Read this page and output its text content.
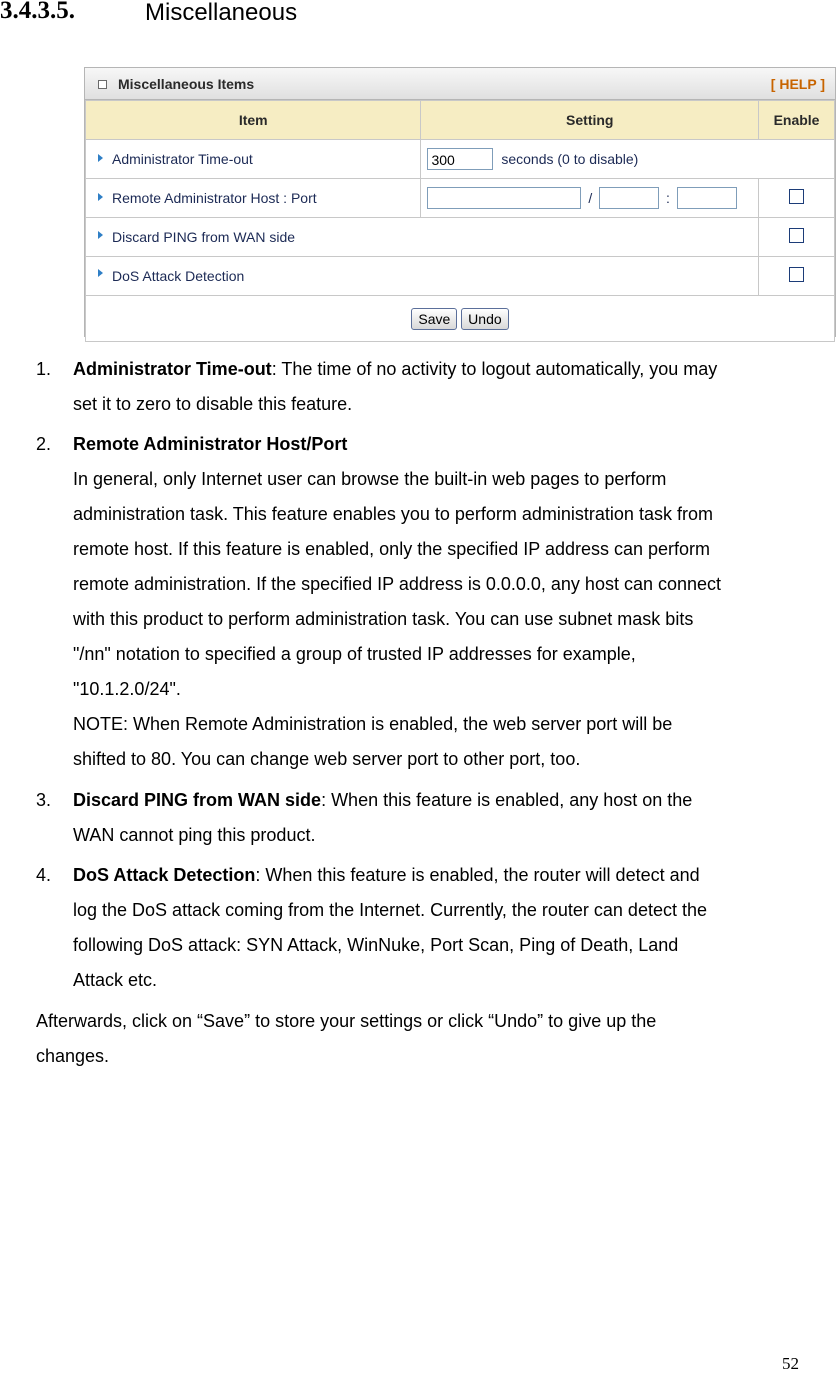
3.4.3.5.	Miscellaneous
Miscellaneous Items	[ HELP ]
Item	Setting	Enable

Administrator Time-out	300 seconds (0 to disable)	

Remote Administrator Host : Port	/ :	

Discard PING from WAN side		

DoS Attack Detection		
Save Undo		
1. Administrator Time-out: The time of no activity to logout automatically, you may
set it to zero to disable this feature.
2. Remote Administrator Host/Port
In general, only Internet user can browse the built-in web pages to perform
administration task. This feature enables you to perform administration task from
remote host. If this feature is enabled, only the specified IP address can perform
remote administration. If the specified IP address is 0.0.0.0, any host can connect
with this product to perform administration task. You can use subnet mask bits
"/nn" notation to specified a group of trusted IP addresses for example,
"10.1.2.0/24".
NOTE: When Remote Administration is enabled, the web server port will be
shifted to 80. You can change web server port to other port, too.
3. Discard PING from WAN side: When this feature is enabled, any host on the
WAN cannot ping this product.
4. DoS Attack Detection: When this feature is enabled, the router will detect and
log the DoS attack coming from the Internet. Currently, the router can detect the
following DoS attack: SYN Attack, WinNuke, Port Scan, Ping of Death, Land
Attack etc.
Afterwards, click on “Save” to store your settings or click “Undo” to give up the
changes.
52
